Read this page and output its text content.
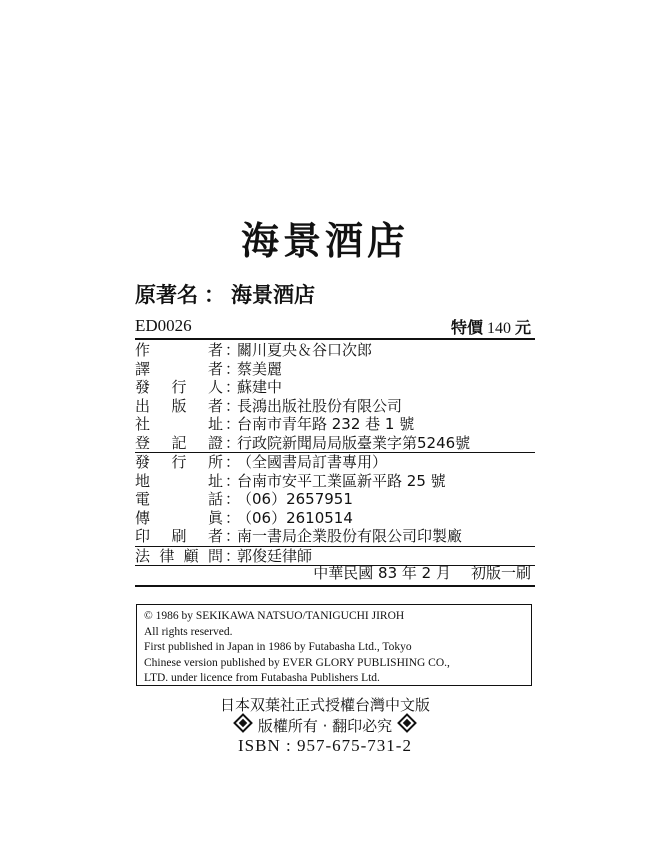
海景酒店
原著名 ： 海景酒店
ED0026	特價 140 元
作	者 ：
關川夏央＆谷口次郎
譯	者 ：
蔡美麗
發 行 人 ：
蘇建中
出 版 者 ：
長鴻出版社股份有限公司
社	址 ：
台南市青年路 232 巷 1 號
登 記 證 ：
行政院新聞局局版臺業字第5246號
發 行 所 ：
（全國書局訂書專用）
地	址 ：
台南市安平工業區新平路 25 號
電	話 ：
（06）2657951
傳	眞 ：
（06）2610514
印 刷 者 ：
南一書局企業股份有限公司印製廠
法 律 顧 問 ：
郭俊廷律師
中華民國 83 年 2 月 初版一刷
© 1986 by SEKIKAWA NATSUO/TANIGUCHI JIROH
All rights reserved.
First published in Japan in 1986 by Futabasha Ltd., Tokyo
Chinese version published by EVER GLORY PUBLISHING CO.,
LTD. under licence from Futabasha Publishers Ltd.
日本双葉社正式授權台灣中文版
版權所有 · 翻印必究
ISBN : 957-675-731-2
